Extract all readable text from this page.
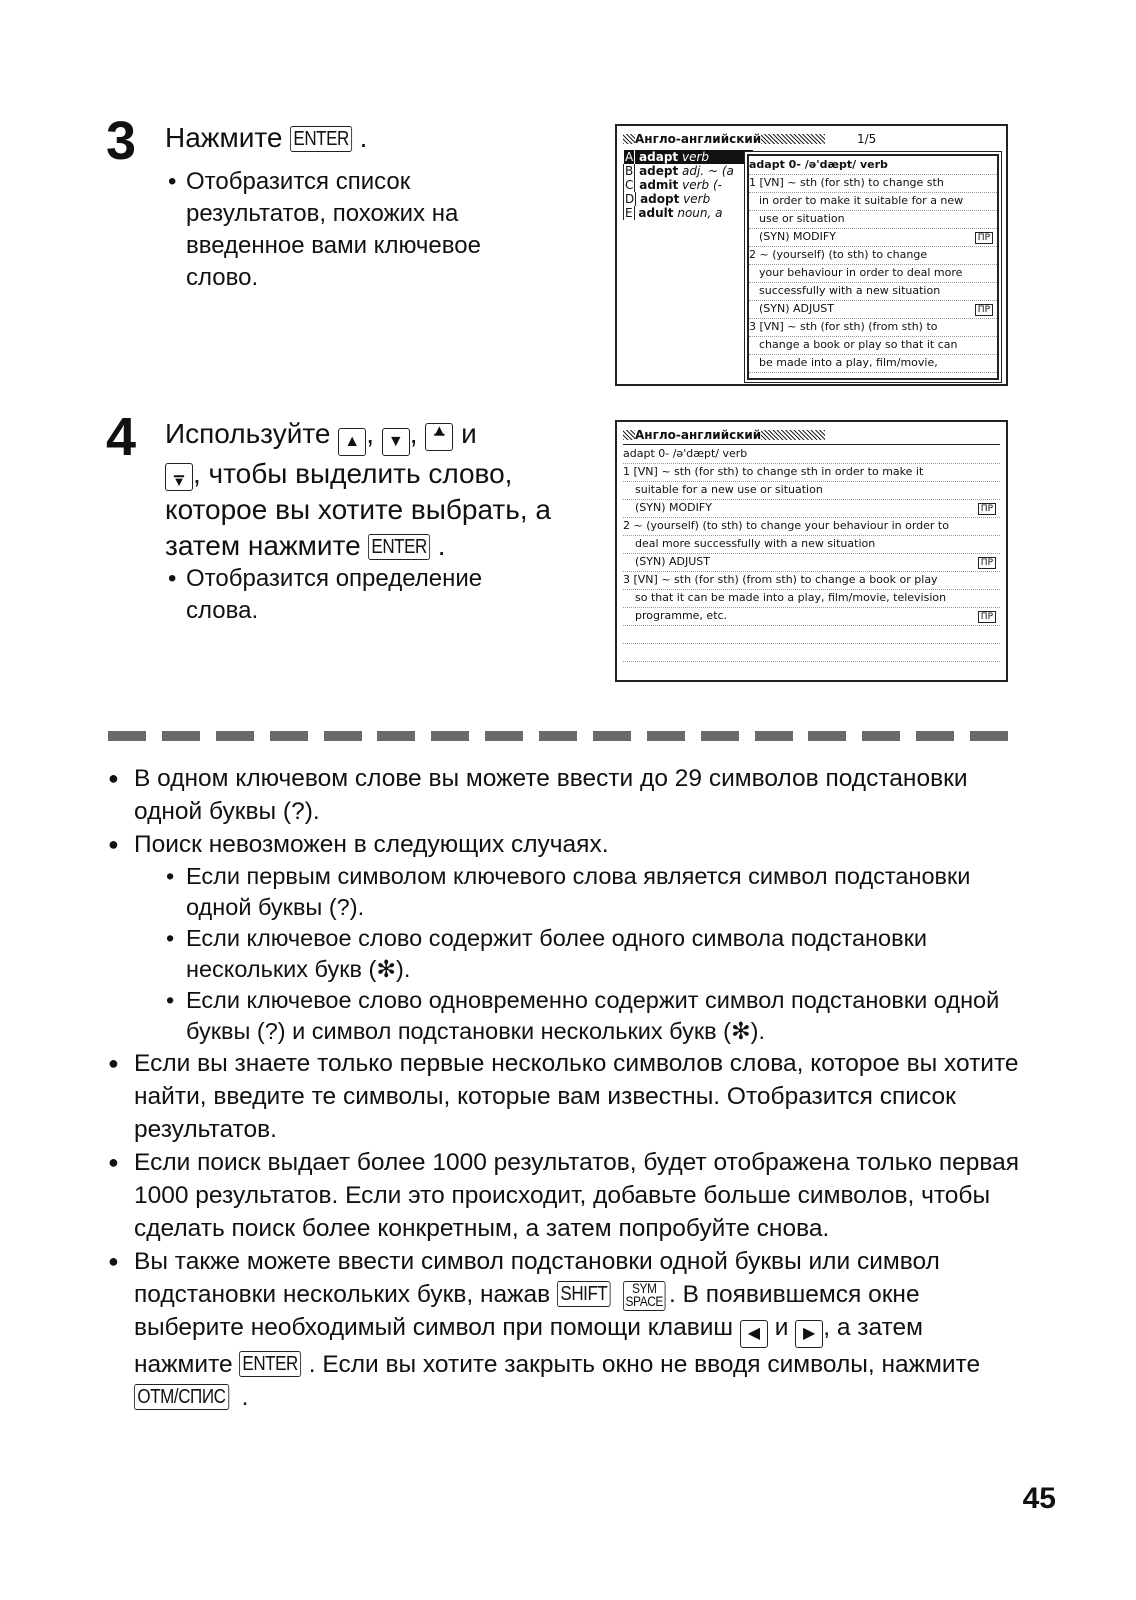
3 Нажмите ENTER .
• Отобразится список
результатов, похожих на
введенное вами ключевое
слово.
Англо-английский	1/5
A adapt verb
B adept adj. ~ (a
C admit verb (-
D adopt verb
E adult noun, a
adapt 0- /ə'dæpt/ verb
1 [VN] ~ sth (for sth) to change sth
in order to make it suitable for a new
use or situation
(SYN) MODIFY	ПР
2 ~ (yourself) (to sth) to change
your behaviour in order to deal more
successfully with a new situation
(SYN) ADJUST	ПР
3 [VN] ~ sth (for sth) (from sth) to
change a book or play so that it can
be made into a play, film/movie,
4 Используйте ▲ , ▼ , ▲
▔ и
▁
▼ , чтобы выделить слово,
которое вы хотите выбрать, а
затем нажмите ENTER .
• Отобразится определение
слова.
Англо-английский
adapt 0- /ə'dæpt/ verb
1 [VN] ~ sth (for sth) to change sth in order to make it
suitable for a new use or situation
(SYN) MODIFY	ПР
2 ~ (yourself) (to sth) to change your behaviour in order to
deal more successfully with a new situation
(SYN) ADJUST	ПР
3 [VN] ~ sth (for sth) (from sth) to change a book or play
so that it can be made into a play, film/movie, television
programme, etc.	ПР
● В одном ключевом слове вы можете ввести до 29 символов подстановки одной буквы (?).
● Поиск невозможен в следующих случаях.
• Если первым символом ключевого слова является символ подстановки одной буквы (?).
• Если ключевое слово содержит более одного символа подстановки нескольких букв (✻).
• Если ключевое слово одновременно содержит символ подстановки одной буквы (?) и символ подстановки нескольких букв (✻).
● Если вы знаете только первые несколько символов слова, которое вы хотите найти, введите те символы, которые вам известны. Отобразится список результатов.
● Если поиск выдает более 1000 результатов, будет отображена только первая 1000 результатов. Если это происходит, добавьте больше символов, чтобы сделать поиск более конкретным, а затем попробуйте снова.
● Вы также можете ввести символ подстановки одной буквы или символ подстановки нескольких букв, нажав SHIFT SYM
SPACE . В появившемся окне выберите необходимый символ при помощи клавиш ◀ и ▶ , а затем нажмите ENTER . Если вы хотите закрыть окно не вводя символы, нажмите ОТМ/СПИС .
45
